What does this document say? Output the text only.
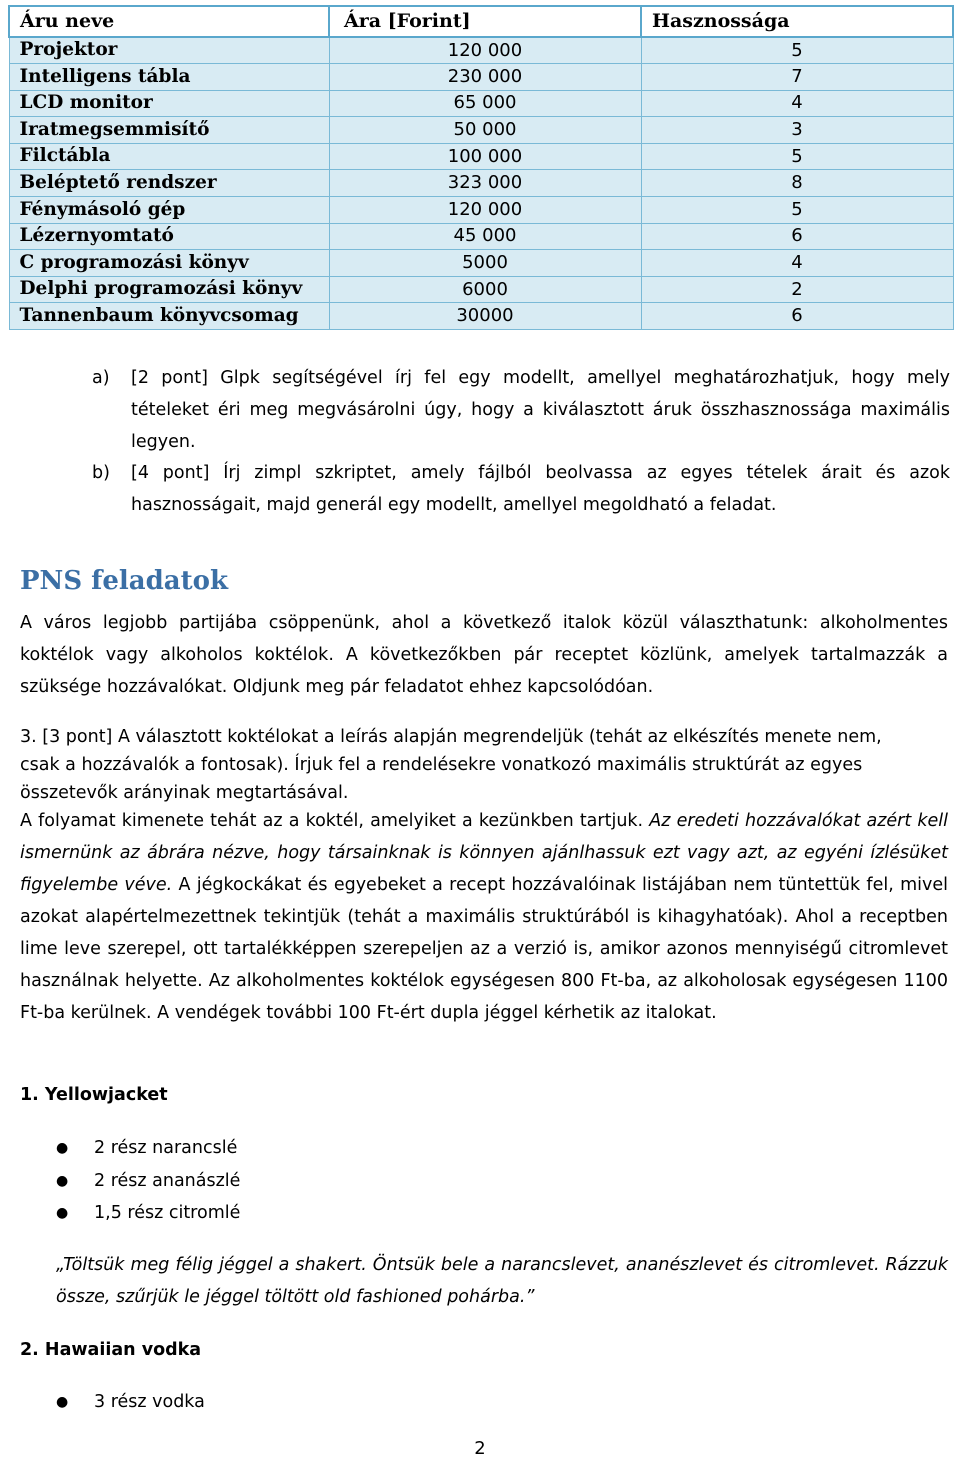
Áru neve	Ára [Forint]	Hasznossága
Projektor	120 000	5
Intelligens tábla	230 000	7
LCD monitor	65 000	4
Iratmegsemmisítő	50 000	3
Filctábla	100 000	5
Beléptető rendszer	323 000	8
Fénymásoló gép	120 000	5
Lézernyomtató	45 000	6
C programozási könyv	5000	4
Delphi programozási könyv	6000	2
Tannenbaum könyvcsomag	30000	6
a) [2 pont] Glpk segítségével írj fel egy modellt, amellyel meghatározhatjuk, hogy mely tételeket éri meg megvásárolni úgy, hogy a kiválasztott áruk összhasznossága maximális legyen.
b) [4 pont] Írj zimpl szkriptet, amely fájlból beolvassa az egyes tételek árait és azok hasznosságait, majd generál egy modellt, amellyel megoldható a feladat.
PNS feladatok
A város legjobb partijába csöppenünk, ahol a következő italok közül választhatunk: alkoholmentes koktélok vagy alkoholos koktélok. A következőkben pár receptet közlünk, amelyek tartalmazzák a szüksége hozzávalókat. Oldjunk meg pár feladatot ehhez kapcsolódóan.
3. [3 pont] A választott koktélokat a leírás alapján megrendeljük (tehát az elkészítés menete nem,
csak a hozzávalók a fontosak). Írjuk fel a rendelésekre vonatkozó maximális struktúrát az egyes
összetevők arányinak megtartásával.
A folyamat kimenete tehát az a koktél, amelyiket a kezünkben tartjuk. Az eredeti hozzávalókat azért kell ismernünk az ábrára nézve, hogy társainknak is könnyen ajánlhassuk ezt vagy azt, az egyéni ízlésüket figyelembe véve. A jégkockákat és egyebeket a recept hozzávalóinak listájában nem tüntettük fel, mivel azokat alapértelmezettnek tekintjük (tehát a maximális struktúrából is kihagyhatóak). Ahol a receptben lime leve szerepel, ott tartalékképpen szerepeljen az a verzió is, amikor azonos mennyiségű citromlevet használnak helyette. Az alkoholmentes koktélok egységesen 800 Ft-ba, az alkoholosak egységesen 1100 Ft-ba kerülnek. A vendégek további 100 Ft-ért dupla jéggel kérhetik az italokat.
1. Yellowjacket
● 2 rész narancslé
● 2 rész ananászlé
● 1,5 rész citromlé
„Töltsük meg félig jéggel a shakert. Öntsük bele a narancslevet, ananészlevet és citromlevet. Rázzuk össze, szűrjük le jéggel töltött old fashioned pohárba.”
2. Hawaiian vodka
● 3 rész vodka
2
